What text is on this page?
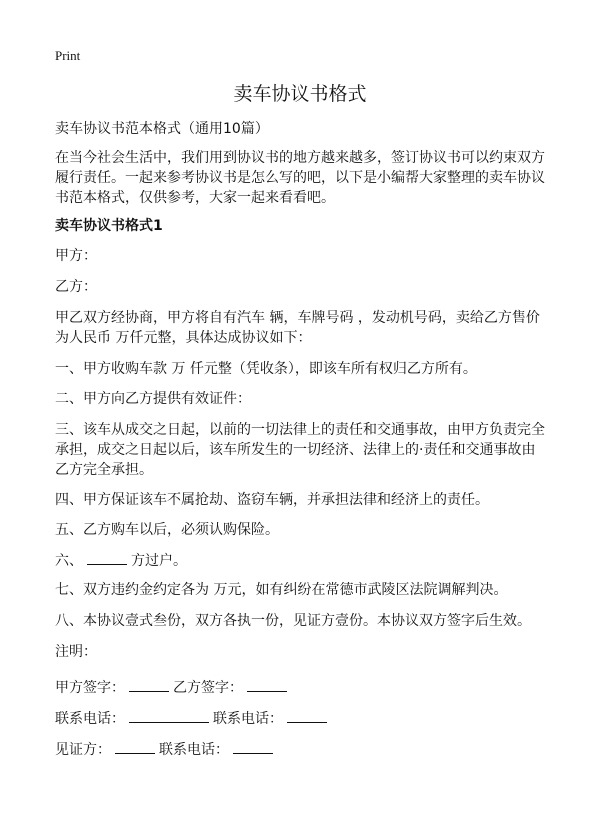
Print
卖车协议书格式
卖车协议书范本格式（通用10篇）
在当今社会生活中，我们用到协议书的地方越来越多，签订协议书可以约束双方履行责任。一起来参考协议书是怎么写的吧，以下是小编帮大家整理的卖车协议书范本格式，仅供参考，大家一起来看看吧。
卖车协议书格式1
甲方：
乙方：
甲乙双方经协商，甲方将自有汽车 辆，车牌号码 ，发动机号码，卖给乙方售价为人民币 万仟元整，具体达成协议如下：
一、甲方收购车款 万 仟元整（凭收条），即该车所有权归乙方所有。
二、甲方向乙方提供有效证件：
三、该车从成交之日起，以前的一切法律上的责任和交通事故，由甲方负责完全承担，成交之日起以后，该车所发生的一切经济、法律上的·责任和交通事故由乙方完全承担。
四、甲方保证该车不属抢劫、盗窃车辆，并承担法律和经济上的责任。
五、乙方购车以后，必须认购保险。
六、	方过户。
七、双方违约金约定各为 万元，如有纠纷在常德市武陵区法院调解判决。
八、本协议壹式叁份，双方各执一份，见证方壹份。本协议双方签字后生效。
注明：
甲方签字：	乙方签字：
联系电话：	联系电话：
见证方：	联系电话：
